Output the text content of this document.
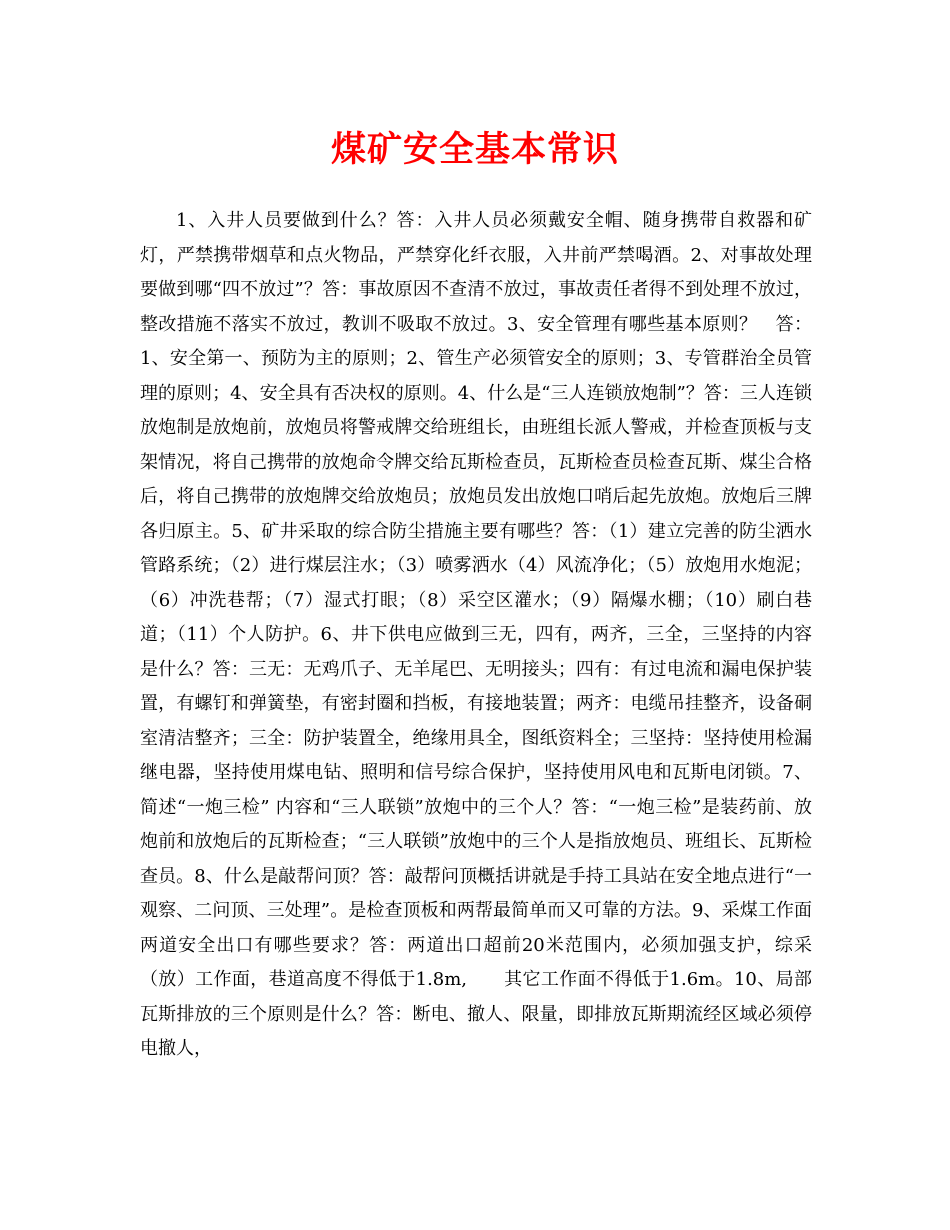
煤矿安全基本常识

1、入井人员要做到什么？答：入井人员必须戴安全帽、随身携带自救器和矿灯，严禁携带烟草和点火物品，严禁穿化纤衣服，入井前严禁喝酒。2、对事故处理要做到哪“四不放过”？答：事故原因不查清不放过，事故责任者得不到处理不放过，整改措施不落实不放过，教训不吸取不放过。3、安全管理有哪些基本原则？　答：1、安全第一、预防为主的原则；2、管生产必须管安全的原则；3、专管群治全员管理的原则；4、安全具有否决权的原则。4、什么是“三人连锁放炮制”？答：三人连锁放炮制是放炮前，放炮员将警戒牌交给班组长，由班组长派人警戒，并检查顶板与支架情况，将自己携带的放炮命令牌交给瓦斯检查员，瓦斯检查员检查瓦斯、煤尘合格后，将自己携带的放炮牌交给放炮员；放炮员发出放炮口哨后起先放炮。放炮后三牌各归原主。5、矿井采取的综合防尘措施主要有哪些？答：（1）建立完善的防尘洒水管路系统；（2）进行煤层注水；（3）喷雾洒水（4）风流净化；（5）放炮用水炮泥；（6）冲洗巷帮；（7）湿式打眼；（8）采空区灌水；（9）隔爆水棚；（10）刷白巷道；（11）个人防护。6、井下供电应做到三无，四有，两齐，三全，三坚持的内容是什么？答：三无：无鸡爪子、无羊尾巴、无明接头；四有：有过电流和漏电保护装置，有螺钉和弹簧垫，有密封圈和挡板，有接地装置；两齐：电缆吊挂整齐，设备硐室清洁整齐；三全：防护装置全，绝缘用具全，图纸资料全；三坚持：坚持使用检漏继电器，坚持使用煤电钻、照明和信号综合保护，坚持使用风电和瓦斯电闭锁。7、简述“一炮三检” 内容和“三人联锁”放炮中的三个人？答：“一炮三检”是装药前、放炮前和放炮后的瓦斯检查；“三人联锁”放炮中的三个人是指放炮员、班组长、瓦斯检查员。8、什么是敲帮问顶？答：敲帮问顶概括讲就是手持工具站在安全地点进行“一观察、二问顶、三处理”。是检查顶板和两帮最简单而又可靠的方法。9、采煤工作面两道安全出口有哪些要求？答：两道出口超前20米范围内，必须加强支护，综采（放）工作面，巷道高度不得低于1.8m,　　其它工作面不得低于1.6m。10、局部瓦斯排放的三个原则是什么？答：断电、撤人、限量，即排放瓦斯期流经区域必须停电撤人，
